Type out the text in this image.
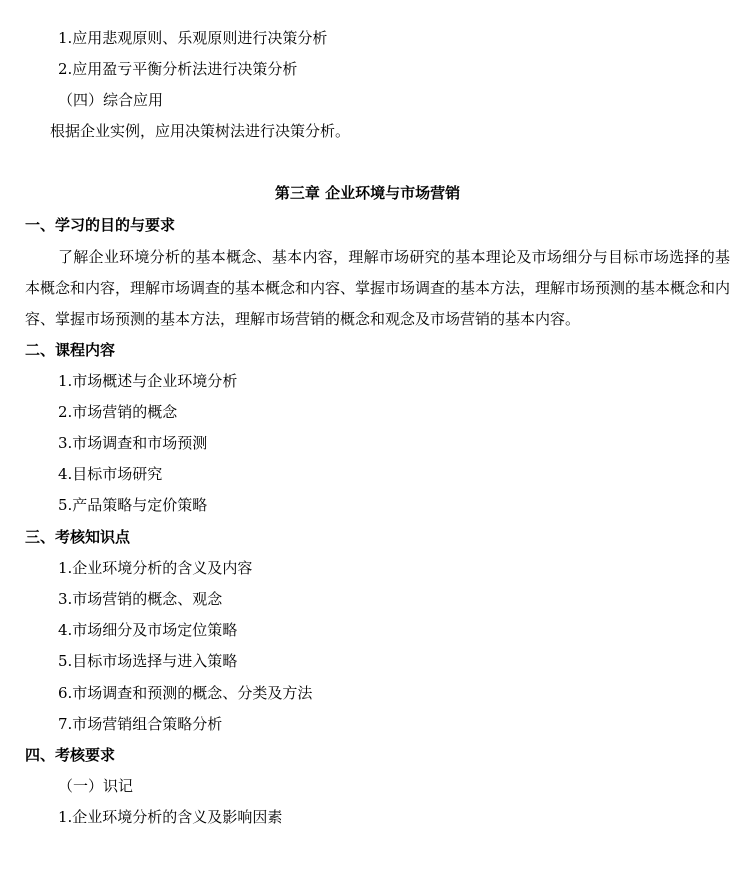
1.应用悲观原则、乐观原则进行决策分析
2.应用盈亏平衡分析法进行决策分析
（四）综合应用
根据企业实例，应用决策树法进行决策分析。
第三章 企业环境与市场营销
一、学习的目的与要求
了解企业环境分析的基本概念、基本内容，理解市场研究的基本理论及市场细分与目标市场选择的基本概念和内容，理解市场调查的基本概念和内容、掌握市场调查的基本方法，理解市场预测的基本概念和内容、掌握市场预测的基本方法，理解市场营销的概念和观念及市场营销的基本内容。
二、课程内容
1.市场概述与企业环境分析
2.市场营销的概念
3.市场调查和市场预测
4.目标市场研究
5.产品策略与定价策略
三、考核知识点
1.企业环境分析的含义及内容
3.市场营销的概念、观念
4.市场细分及市场定位策略
5.目标市场选择与进入策略
6.市场调查和预测的概念、分类及方法
7.市场营销组合策略分析
四、考核要求
（一）识记
1.企业环境分析的含义及影响因素
